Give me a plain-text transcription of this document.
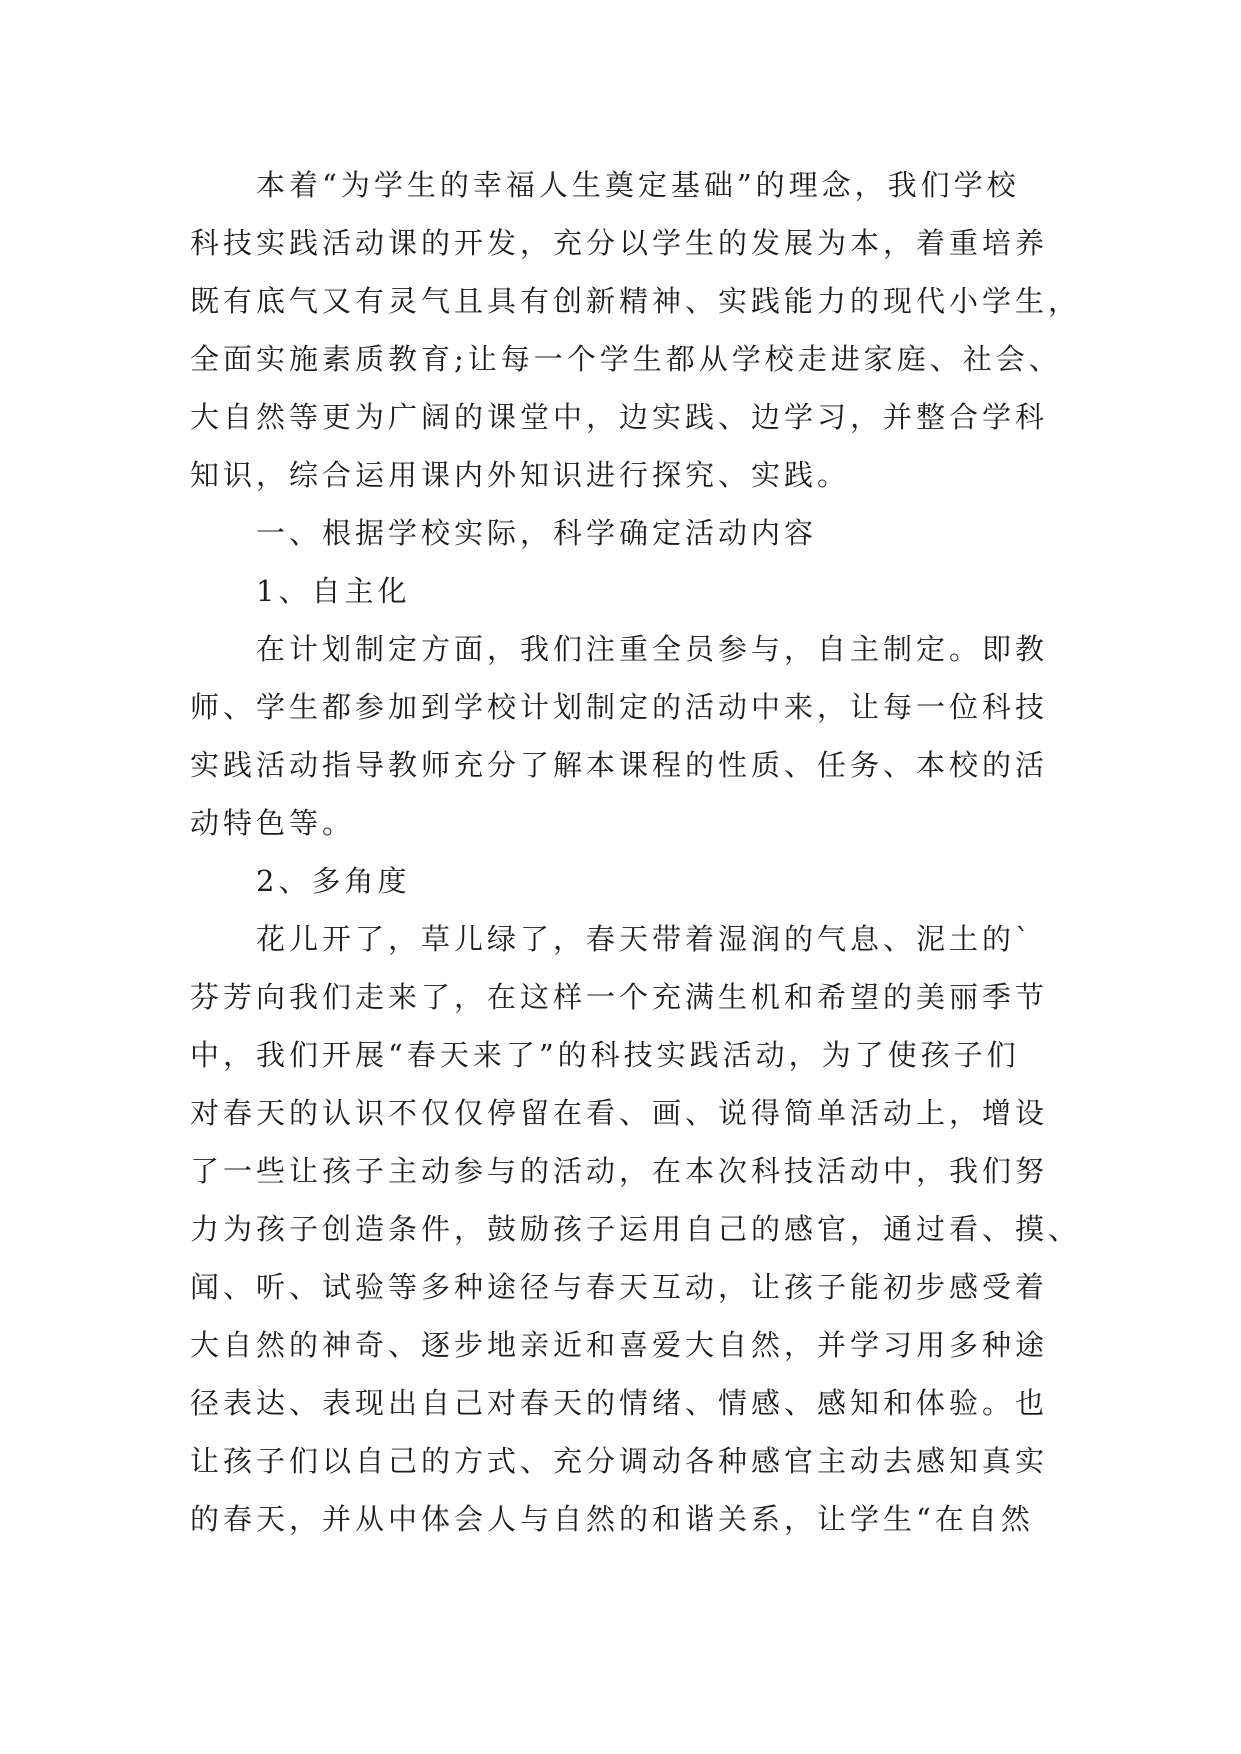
本着“为学生的幸福人生奠定基础”的理念，我们学校
科技实践活动课的开发，充分以学生的发展为本，着重培养
既有底气又有灵气且具有创新精神、实践能力的现代小学生，
全面实施素质教育;让每一个学生都从学校走进家庭、社会、
大自然等更为广阔的课堂中，边实践、边学习，并整合学科
知识，综合运用课内外知识进行探究、实践。
一、根据学校实际，科学确定活动内容
1、自主化
在计划制定方面，我们注重全员参与，自主制定。即教
师、学生都参加到学校计划制定的活动中来，让每一位科技
实践活动指导教师充分了解本课程的性质、任务、本校的活
动特色等。
2、多角度
花儿开了，草儿绿了，春天带着湿润的气息、泥土的`
芬芳向我们走来了，在这样一个充满生机和希望的美丽季节
中，我们开展“春天来了”的科技实践活动，为了使孩子们
对春天的认识不仅仅停留在看、画、说得简单活动上，增设
了一些让孩子主动参与的活动，在本次科技活动中，我们努
力为孩子创造条件，鼓励孩子运用自己的感官，通过看、摸、
闻、听、试验等多种途径与春天互动，让孩子能初步感受着
大自然的神奇、逐步地亲近和喜爱大自然，并学习用多种途
径表达、表现出自己对春天的情绪、情感、感知和体验。也
让孩子们以自己的方式、充分调动各种感官主动去感知真实
的春天，并从中体会人与自然的和谐关系，让学生“在自然
